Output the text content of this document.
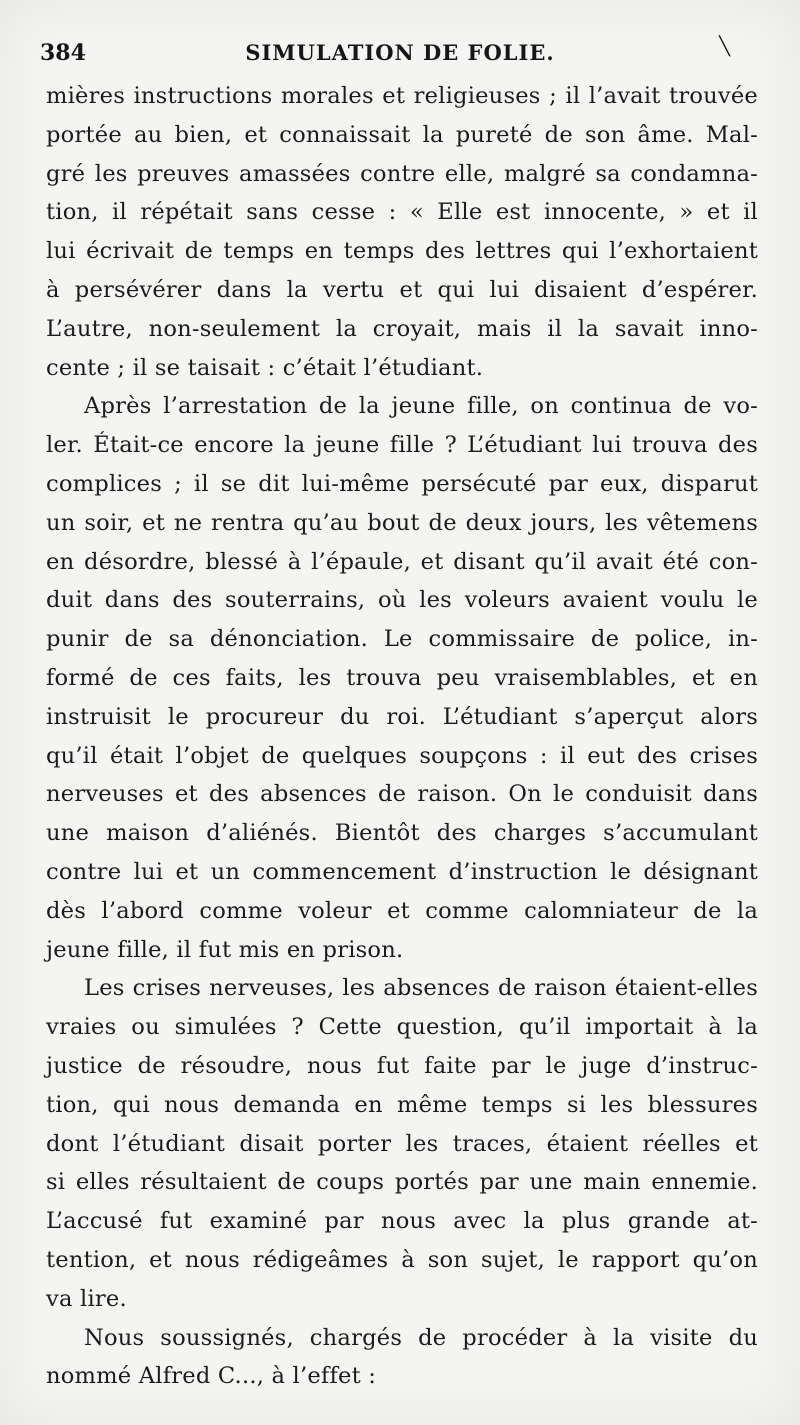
384	SIMULATION DE FOLIE.	╲
mières instructions morales et religieuses ; il l’avait trouvée
portée au bien, et connaissait la pureté de son âme. Mal-
gré les preuves amassées contre elle, malgré sa condamna-
tion, il répétait sans cesse : « Elle est innocente, » et il
lui écrivait de temps en temps des lettres qui l’exhortaient
à persévérer dans la vertu et qui lui disaient d’espérer.
L’autre, non-seulement la croyait, mais il la savait inno-
cente ; il se taisait : c’était l’étudiant.
Après l’arrestation de la jeune fille, on continua de vo-
ler. Était-ce encore la jeune fille ? L’étudiant lui trouva des
complices ; il se dit lui-même persécuté par eux, disparut
un soir, et ne rentra qu’au bout de deux jours, les vêtemens
en désordre, blessé à l’épaule, et disant qu’il avait été con-
duit dans des souterrains, où les voleurs avaient voulu le
punir de sa dénonciation. Le commissaire de police, in-
formé de ces faits, les trouva peu vraisemblables, et en
instruisit le procureur du roi. L’étudiant s’aperçut alors
qu’il était l’objet de quelques soupçons : il eut des crises
nerveuses et des absences de raison. On le conduisit dans
une maison d’aliénés. Bientôt des charges s’accumulant
contre lui et un commencement d’instruction le désignant
dès l’abord comme voleur et comme calomniateur de la
jeune fille, il fut mis en prison.
Les crises nerveuses, les absences de raison étaient-elles
vraies ou simulées ? Cette question, qu’il importait à la
justice de résoudre, nous fut faite par le juge d’instruc-
tion, qui nous demanda en même temps si les blessures
dont l’étudiant disait porter les traces, étaient réelles et
si elles résultaient de coups portés par une main ennemie.
L’accusé fut examiné par nous avec la plus grande at-
tention, et nous rédigeâmes à son sujet, le rapport qu’on
va lire.
Nous soussignés, chargés de procéder à la visite du
nommé Alfred C..., à l’effet :
